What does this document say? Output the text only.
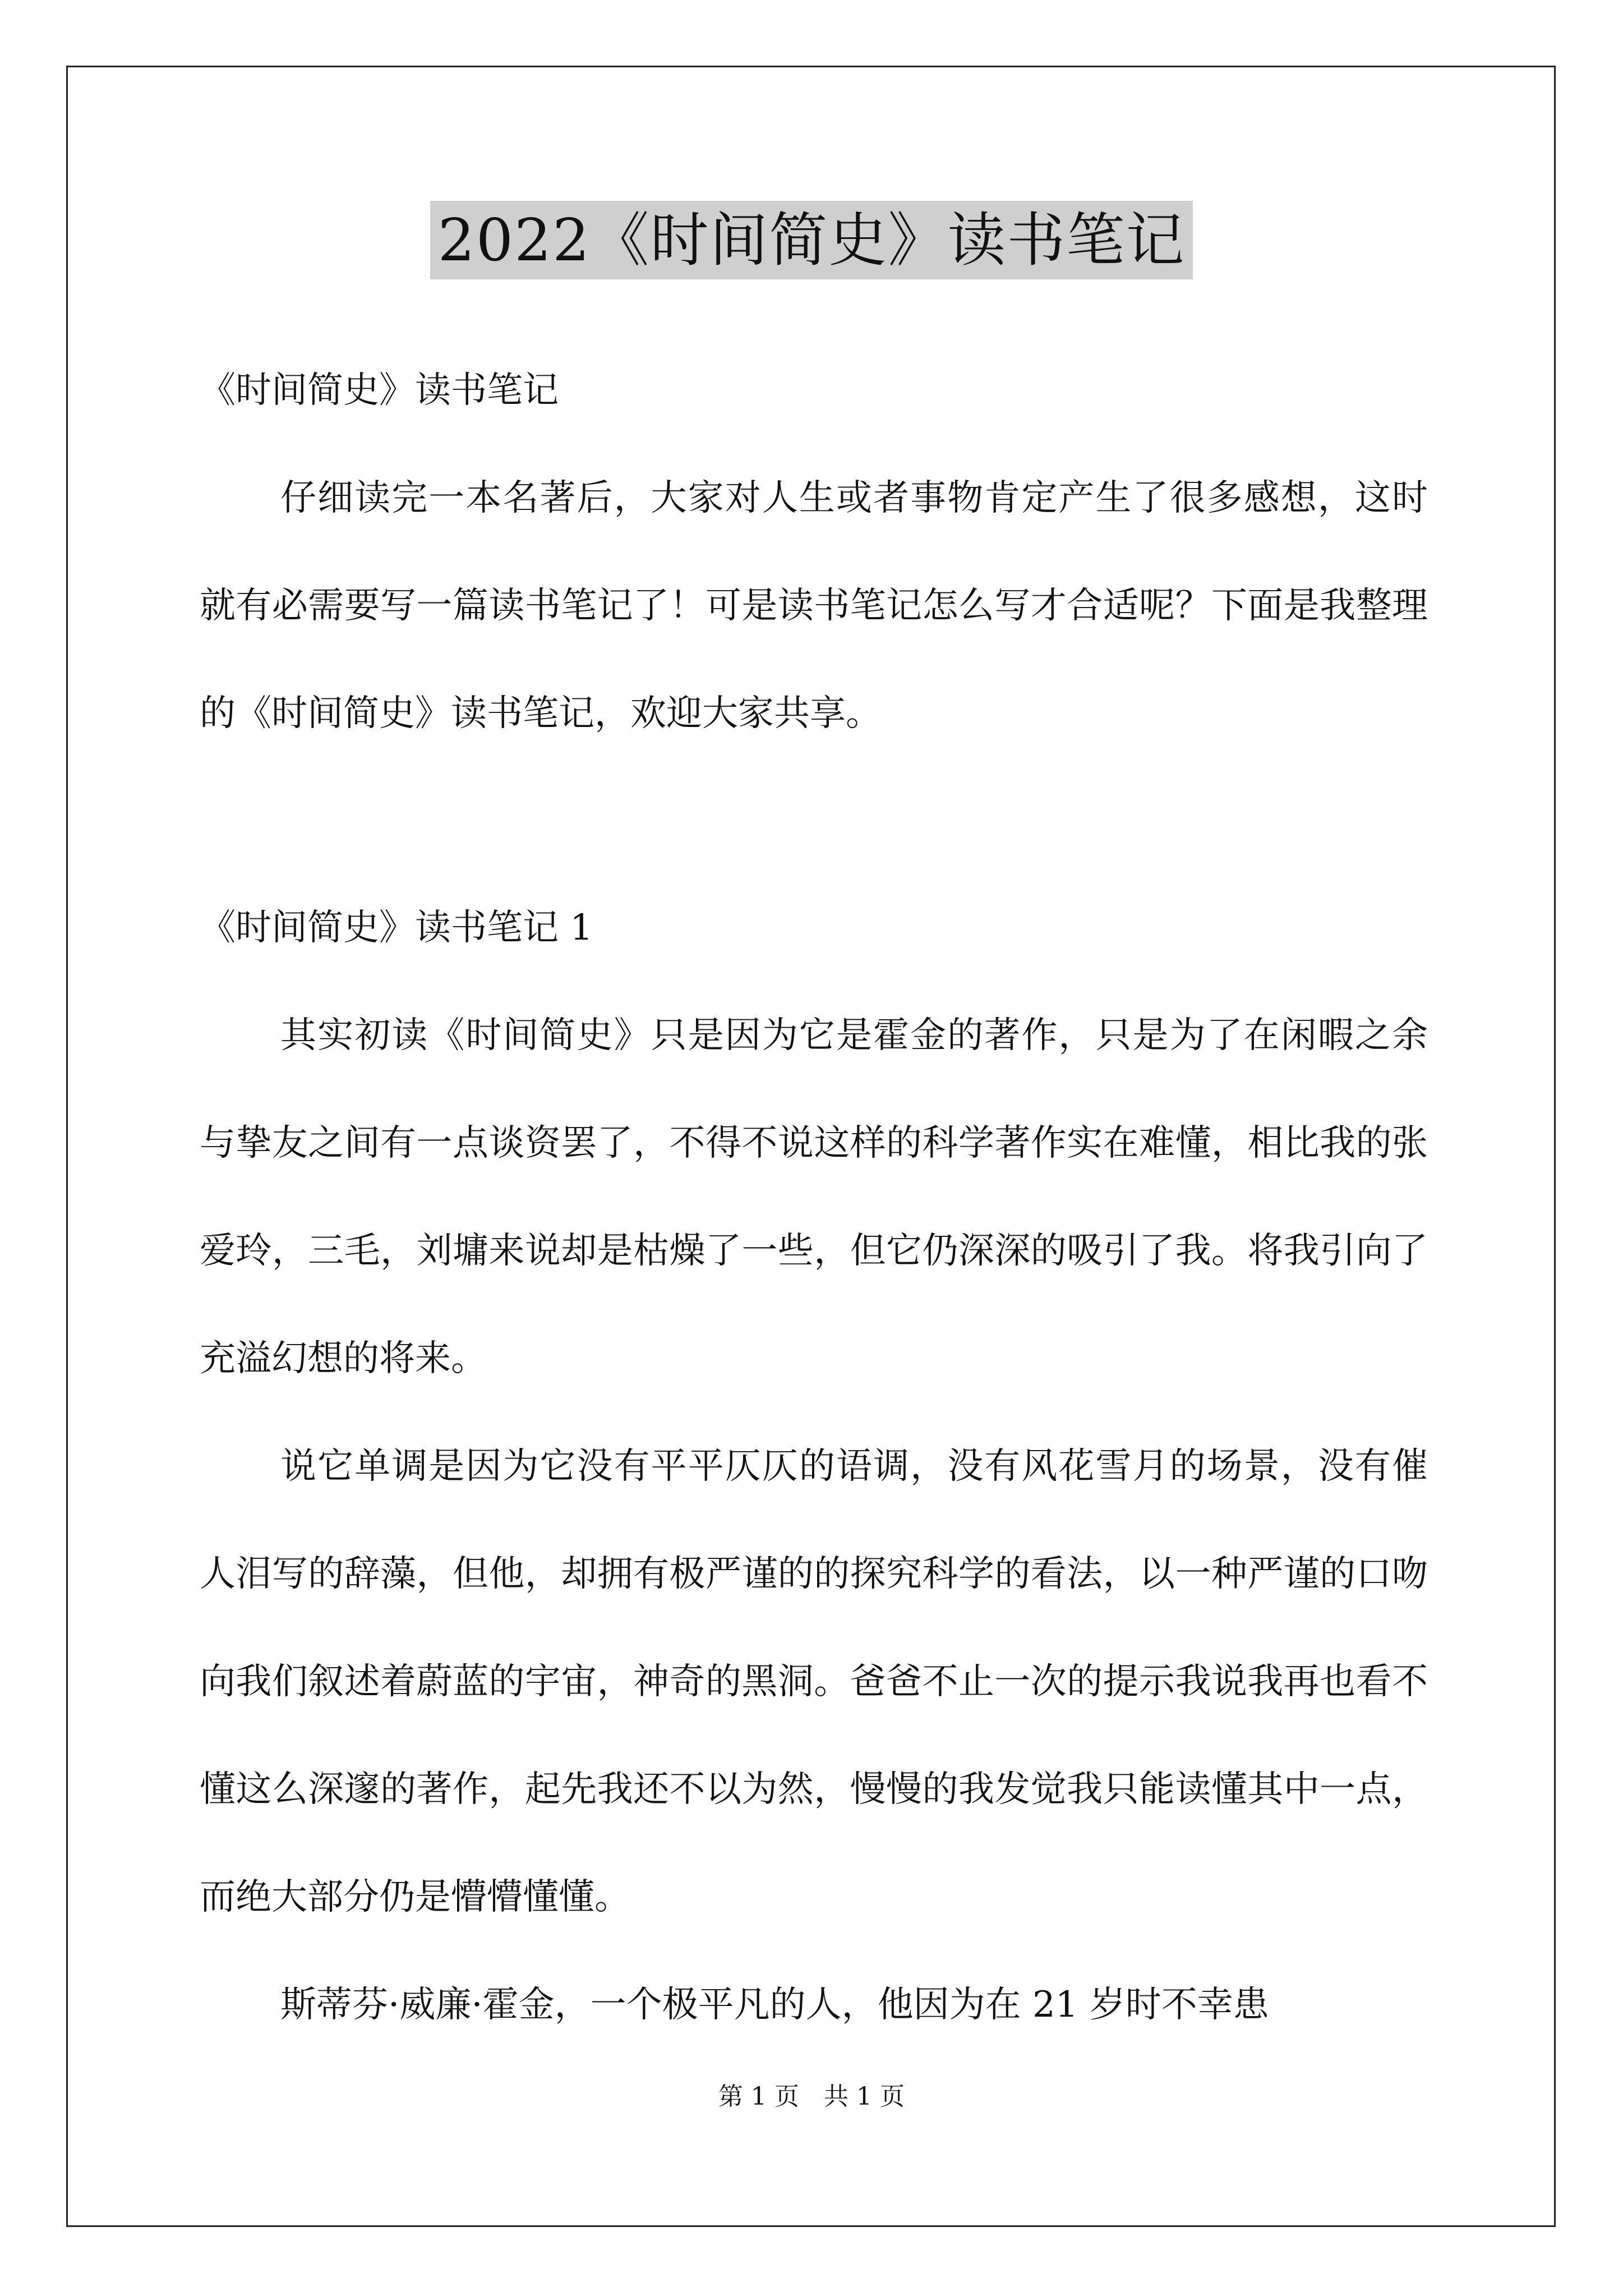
2022《时间简史》读书笔记

《时间简史》读书笔记

仔细读完一本名著后，大家对人生或者事物肯定产生了很多感想，这时就有必需要写一篇读书笔记了！可是读书笔记怎么写才合适呢？下面是我整理的《时间简史》读书笔记，欢迎大家共享。

《时间简史》读书笔记 1

其实初读《时间简史》只是因为它是霍金的著作，只是为了在闲暇之余与挚友之间有一点谈资罢了，不得不说这样的科学著作实在难懂，相比我的张爱玲，三毛，刘墉来说却是枯燥了一些，但它仍深深的吸引了我。将我引向了充溢幻想的将来。

说它单调是因为它没有平平仄仄的语调，没有风花雪月的场景，没有催人泪写的辞藻，但他，却拥有极严谨的的探究科学的看法，以一种严谨的口吻向我们叙述着蔚蓝的宇宙，神奇的黑洞。爸爸不止一次的提示我说我再也看不懂这么深邃的著作，起先我还不以为然，慢慢的我发觉我只能读懂其中一点，而绝大部分仍是懵懵懂懂。

斯蒂芬·威廉·霍金，一个极平凡的人，他因为在 21 岁时不幸患

第 1 页　共 1 页
